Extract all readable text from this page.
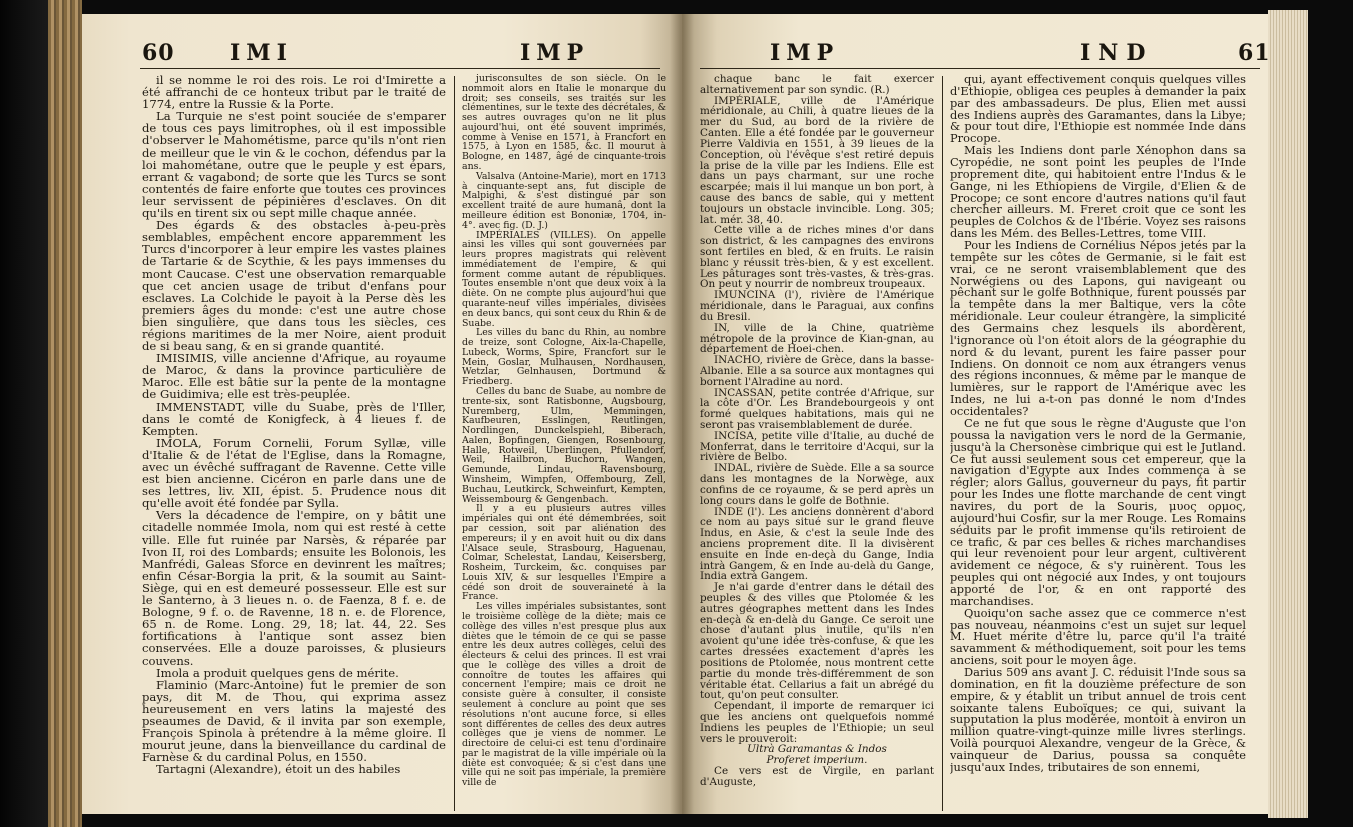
60	IMI	IMP	IMP	IND	61

il se nomme le roi des rois. Le roi d'Imirette a été affranchi de ce honteux tribut par le traité de 1774, entre la Russie & la Porte.

La Turquie ne s'est point souciée de s'emparer de tous ces pays limitrophes, où il est impossible d'observer le Mahométisme, parce qu'ils n'ont rien de meilleur que le vin & le cochon, défendus par la loi mahométane, outre que le peuple y est épars, errant & vagabond; de sorte que les Turcs se sont contentés de faire enforte que toutes ces provinces leur servissent de pépinières d'esclaves. On dit qu'ils en tirent six ou sept mille chaque année.

Des égards & des obstacles à-peu-près semblables, empêchent encore apparemment les Turcs d'incorporer à leur empire les vastes plaines de Tartarie & de Scythie, & les pays immenses du mont Caucase. C'est une observation remarquable que cet ancien usage de tribut d'enfans pour esclaves. La Colchide le payoit à la Perse dès les premiers âges du monde: c'est une autre chose bien singulière, que dans tous les siècles, ces régions maritimes de la mer Noire, aient produit de si beau sang, & en si grande quantité.

IMISIMIS, ville ancienne d'Afrique, au royaume de Maroc, & dans la province particulière de Maroc. Elle est bâtie sur la pente de la montagne de Guidimiva; elle est très-peuplée.

IMMENSTADT, ville du Suabe, près de l'Iller, dans le comté de Konigfeck, à 4 lieues f. de Kempten.

IMOLA, Forum Cornelii, Forum Syllæ, ville d'Italie & de l'état de l'Eglise, dans la Romagne, avec un évêché suffragant de Ravenne. Cette ville est bien ancienne. Cicéron en parle dans une de ses lettres, liv. XII, épist. 5. Prudence nous dit qu'elle avoit été fondée par Sylla.

Vers la décadence de l'empire, on y bâtit une citadelle nommée Imola, nom qui est resté à cette ville. Elle fut ruinée par Narsès, & réparée par Ivon II, roi des Lombards; ensuite les Bolonois, les Manfrédi, Galeas Sforce en devinrent les maîtres; enfin César-Borgia la prit, & la soumit au Saint-Siège, qui en est demeuré possesseur. Elle est sur le Santerno, à 3 lieues n. o. de Faenza, 8 f. e. de Bologne, 9 f. o. de Ravenne, 18 n. e. de Florence, 65 n. de Rome. Long. 29, 18; lat. 44, 22. Ses fortifications à l'antique sont assez bien conservées. Elle a douze paroisses, & plusieurs couvens.

Imola a produit quelques gens de mérite.

Flaminio (Marc-Antoine) fut le premier de son pays, dit M. de Thou, qui exprima assez heureusement en vers latins la majesté des pseaumes de David, & il invita par son exemple, François Spinola à prétendre à la même gloire. Il mourut jeune, dans la bienveillance du cardinal de Farnèse & du cardinal Polus, en 1550.

Tartagni (Alexandre), étoit un des habiles

jurisconsultes de son siècle. On le nommoit alors en Italie le monarque du droit; ses conseils, ses traités sur les clémentines, sur le texte des décrétales, & ses autres ouvrages qu'on ne lit plus aujourd'hui, ont été souvent imprimés, comme à Venise en 1571, à Francfort en 1575, à Lyon en 1585, &c. Il mourut à Bologne, en 1487, âgé de cinquante-trois ans.

Valsalva (Antoine-Marie), mort en 1713 à cinquante-sept ans, fut disciple de Malpighi, & s'est distingué par son excellent traité de aure humanâ, dont la meilleure édition est Bononiæ, 1704, in-4°. avec fig. (D. J.)

IMPÉRIALES (VILLES). On appelle ainsi les villes qui sont gouvernées par leurs propres magistrats qui relèvent immédiatement de l'empire, & qui forment comme autant de républiques. Toutes ensemble n'ont que deux voix à la diète. On ne compte plus aujourd'hui que quarante-neuf villes impériales, divisées en deux bancs, qui sont ceux du Rhin & de Suabe.

Les villes du banc du Rhin, au nombre de treize, sont Cologne, Aix-la-Chapelle, Lubeck, Worms, Spire, Francfort sur le Mein, Goslar, Mulhausen, Nordhausen, Wetzlar, Gelnhausen, Dortmund & Friedberg.

Celles du banc de Suabe, au nombre de trente-six, sont Ratisbonne, Augsbourg, Nuremberg, Ulm, Memmingen, Kaufbeuren, Esslingen, Reutlingen, Nordlingen, Dunckelspiehl, Biberach, Aalen, Bopfingen, Giengen, Rosenbourg, Halle, Rotweil, Uberlingen, Pfullendorf, Weil, Hailbron, Buchorn, Wangen, Gemunde, Lindau, Ravensbourg, Winsheim, Wimpfen, Offembourg, Zell, Buchau, Leutkirck, Schweinfurt, Kempten, Weissembourg & Gengenbach.

Il y a eu plusieurs autres villes impériales qui ont été démembrées, soit par cession, soit par aliénation des empereurs; il y en avoit huit ou dix dans l'Alsace seule, Strasbourg, Haguenau, Colmar, Schelestat, Landau, Keisersberg, Rosheim, Turckeim, &c. conquises par Louis XIV, & sur lesquelles l'Empire a cédé son droit de souveraineté à la France.

Les villes impériales subsistantes, sont le troisième collège de la diète; mais ce collège des villes n'est presque plus aux diètes que le témoin de ce qui se passe entre les deux autres collèges, celui des électeurs & celui des princes. Il est vrai que le collège des villes a droit de connoître de toutes les affaires qui concernent l'empire; mais ce droit ne consiste guère à consulter, il consiste seulement à conclure au point que ses résolutions n'ont aucune force, si elles sont différentes de celles des deux autres collèges que je viens de nommer. Le directoire de celui-ci est tenu d'ordinaire par le magistrat de la ville impériale où la diète est convoquée; & si c'est dans une ville qui ne soit pas impériale, la première ville de

chaque banc le fait exercer alternativement par son syndic. (R.)

IMPÉRIALE, ville de l'Amérique méridionale, au Chili, à quatre lieues de la mer du Sud, au bord de la rivière de Canten. Elle a été fondée par le gouverneur Pierre Valdivia en 1551, à 39 lieues de la Conception, où l'évêque s'est retiré depuis la prise de la ville par les Indiens. Elle est dans un pays charmant, sur une roche escarpée; mais il lui manque un bon port, à cause des bancs de sable, qui y mettent toujours un obstacle invincible. Long. 305; lat. mér. 38, 40.

Cette ville a de riches mines d'or dans son district, & les campagnes des environs sont fertiles en bled, & en fruits. Le raisin blanc y réussit très-bien, & y est excellent. Les pâturages sont très-vastes, & très-gras. On peut y nourrir de nombreux troupeaux.

IMUNCINA (l'), rivière de l'Amérique méridionale, dans le Paraguai, aux confins du Bresil.

IN, ville de la Chine, quatrième métropole de la province de Kian-gnan, au département de Hoei-chen.

INACHO, rivière de Grèce, dans la basse-Albanie. Elle a sa source aux montagnes qui bornent l'Alradine au nord.

INCASSAN, petite contrée d'Afrique, sur la côte d'Or. Les Brandebourgeois y ont formé quelques habitations, mais qui ne seront pas vraisemblablement de durée.

INCISA, petite ville d'Italie, au duché de Monferrat, dans le territoire d'Acqui, sur la rivière de Belbo.

INDAL, rivière de Suède. Elle a sa source dans les montagnes de la Norwège, aux confins de ce royaume, & se perd après un long cours dans le golfe de Bothnie.

INDE (l'). Les anciens donnèrent d'abord ce nom au pays situé sur le grand fleuve Indus, en Asie, & c'est la seule Inde des anciens proprement dite. Il la divisèrent ensuite en Inde en-deçà du Gange, India intrà Gangem, & en Inde au-delà du Gange, India extrà Gangem.

Je n'ai garde d'entrer dans le détail des peuples & des villes que Ptolomée & les autres géographes mettent dans les Indes en-deçà & en-delà du Gange. Ce seroit une chose d'autant plus inutile, qu'ils n'en avoient qu'une idée très-confuse, & que les cartes dressées exactement d'après les positions de Ptolomée, nous montrent cette partie du monde très-différemment de son véritable état. Cellarius a fait un abrégé du tout, qu'on peut consulter.

Cependant, il importe de remarquer ici que les anciens ont quelquefois nommé Indiens les peuples de l'Ethiopie; un seul vers le prouveroit:

Ultrà Garamantas & Indos

Proferet imperium.

Ce vers est de Virgile, en parlant d'Auguste,

qui, ayant effectivement conquis quelques villes d'Ethiopie, obligea ces peuples à demander la paix par des ambassadeurs. De plus, Elien met aussi des Indiens auprès des Garamantes, dans la Libye; & pour tout dire, l'Ethiopie est nommée Inde dans Procope.

Mais les Indiens dont parle Xénophon dans sa Cyropédie, ne sont point les peuples de l'Inde proprement dite, qui habitoient entre l'Indus & le Gange, ni les Ethiopiens de Virgile, d'Elien & de Procope; ce sont encore d'autres nations qu'il faut chercher ailleurs. M. Freret croit que ce sont les peuples de Colchos & de l'Ibérie. Voyez ses raisons dans les Mém. des Belles-Lettres, tome VIII.

Pour les Indiens de Cornélius Népos jetés par la tempête sur les côtes de Germanie, si le fait est vrai, ce ne seront vraisemblablement que des Norwégiens ou des Lapons, qui navigeant ou pêchant sur le golfe Bothnique, furent poussés par la tempête dans la mer Baltique, vers la côte méridionale. Leur couleur étrangère, la simplicité des Germains chez lesquels ils abordèrent, l'ignorance où l'on étoit alors de la géographie du nord & du levant, purent les faire passer pour Indiens. On donnoit ce nom aux étrangers venus des régions inconnues, & même par le manque de lumières, sur le rapport de l'Amérique avec les Indes, ne lui a-t-on pas donné le nom d'Indes occidentales?

Ce ne fut que sous le règne d'Auguste que l'on poussa la navigation vers le nord de la Germanie, jusqu'à la Chersonèse cimbrique qui est le Jutland. Ce fut aussi seulement sous cet empereur, que la navigation d'Egypte aux Indes commença à se régler; alors Gallus, gouverneur du pays, fit partir pour les Indes une flotte marchande de cent vingt navires, du port de la Souris, μυος ορμος, aujourd'hui Cosfir, sur la mer Rouge. Les Romains séduits par le profit immense qu'ils retiroient de ce trafic, & par ces belles & riches marchandises qui leur revenoient pour leur argent, cultivèrent avidement ce négoce, & s'y ruinèrent. Tous les peuples qui ont négocié aux Indes, y ont toujours apporté de l'or, & en ont rapporté des marchandises.

Quoiqu'on sache assez que ce commerce n'est pas nouveau, néanmoins c'est un sujet sur lequel M. Huet mérite d'être lu, parce qu'il l'a traité savamment & méthodiquement, soit pour les tems anciens, soit pour le moyen âge.

Darius 509 ans avant J. C. réduisit l'Inde sous sa domination, en fit la douzième préfecture de son empire, & y établit un tribut annuel de trois cent soixante talens Euboïques; ce qui, suivant la supputation la plus modérée, montoit à environ un million quatre-vingt-quinze mille livres sterlings. Voilà pourquoi Alexandre, vengeur de la Grèce, & vainqueur de Darius, poussa sa conquête jusqu'aux Indes, tributaires de son ennemi,
